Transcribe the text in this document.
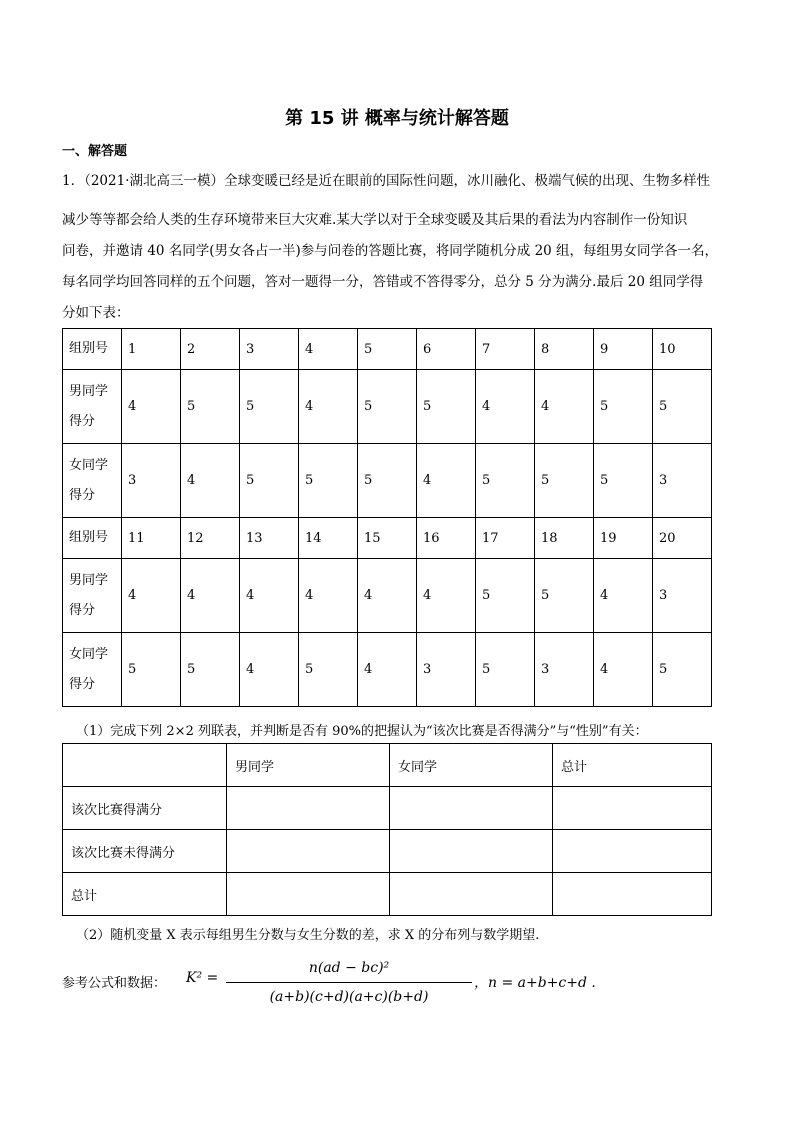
第 15 讲 概率与统计解答题
一、解答题
1．（2021·湖北高三一模）全球变暖已经是近在眼前的国际性问题，冰川融化、极端气候的出现、生物多样性
减少等等都会给人类的生存环境带来巨大灾难.某大学以对于全球变暖及其后果的看法为内容制作一份知识
问卷，并邀请 40 名同学(男女各占一半)参与问卷的答题比赛，将同学随机分成 20 组，每组男女同学各一名，
每名同学均回答同样的五个问题，答对一题得一分，答错或不答得零分，总分 5 分为满分.最后 20 组同学得
分如下表：
组别号	1	2	3	4	5	6	7	8	9	10
男同学
得分	4	5	5	4	5	5	4	4	5	5
女同学
得分	3	4	5	5	5	4	5	5	5	3
组别号	11	12	13	14	15	16	17	18	19	20
男同学
得分	4	4	4	4	4	4	5	5	4	3
女同学
得分	5	5	4	5	4	3	5	3	4	5
（1）完成下列 2×2 列联表，并判断是否有 90%的把握认为“该次比赛是否得满分”与“性别”有关：
	男同学	女同学	总计
该次比赛得满分			
该次比赛未得满分			
总计			
（2）随机变量 X 表示每组男生分数与女生分数的差，求 X 的分布列与数学期望.
参考公式和数据： K² =
n(ad − bc)²
(a+b)(c+d)(a+c)(b+d)
，n = a+b+c+d .
